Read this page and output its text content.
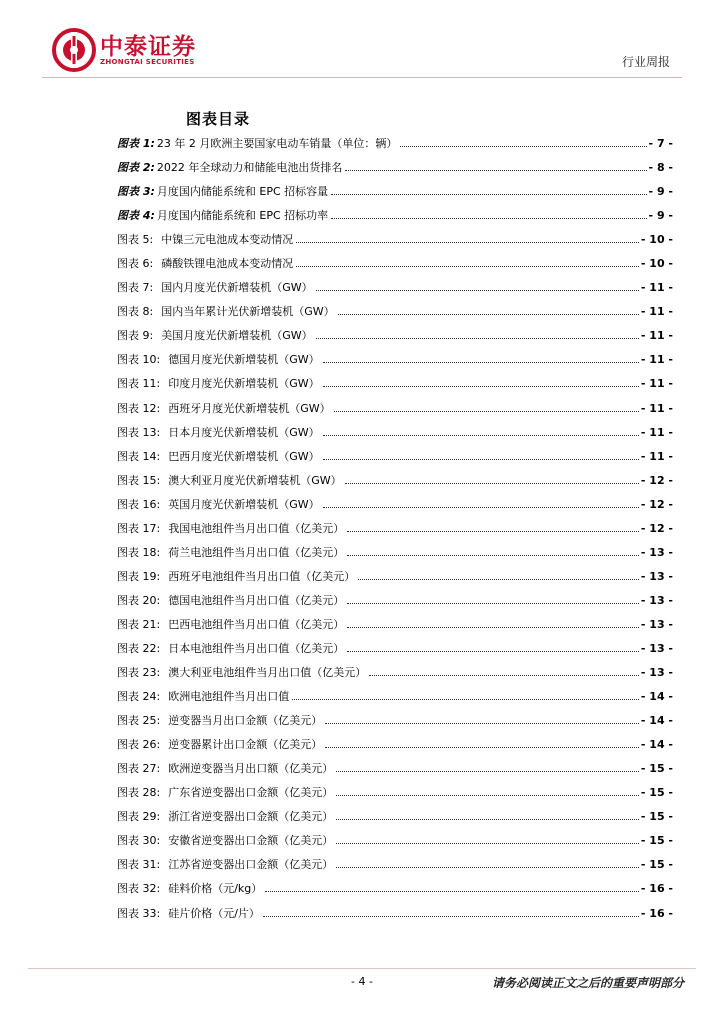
中泰证券
ZHONGTAI SECURITIES	行业周报
图表目录
图表 1: 23 年 2 月欧洲主要国家电动车销量（单位：辆）	- 7 -
图表 2: 2022 年全球动力和储能电池出货排名	- 8 -
图表 3: 月度国内储能系统和 EPC 招标容量	- 9 -
图表 4: 月度国内储能系统和 EPC 招标功率	- 9 -
图表 5: 中镍三元电池成本变动情况	- 10 -
图表 6: 磷酸铁锂电池成本变动情况	- 10 -
图表 7: 国内月度光伏新增装机（GW）	- 11 -
图表 8: 国内当年累计光伏新增装机（GW）	- 11 -
图表 9: 美国月度光伏新增装机（GW）	- 11 -
图表 10: 德国月度光伏新增装机（GW）	- 11 -
图表 11: 印度月度光伏新增装机（GW）	- 11 -
图表 12: 西班牙月度光伏新增装机（GW）	- 11 -
图表 13: 日本月度光伏新增装机（GW）	- 11 -
图表 14: 巴西月度光伏新增装机（GW）	- 11 -
图表 15: 澳大利亚月度光伏新增装机（GW）	- 12 -
图表 16: 英国月度光伏新增装机（GW）	- 12 -
图表 17: 我国电池组件当月出口值（亿美元）	- 12 -
图表 18: 荷兰电池组件当月出口值（亿美元）	- 13 -
图表 19: 西班牙电池组件当月出口值（亿美元）	- 13 -
图表 20: 德国电池组件当月出口值（亿美元）	- 13 -
图表 21: 巴西电池组件当月出口值（亿美元）	- 13 -
图表 22: 日本电池组件当月出口值（亿美元）	- 13 -
图表 23: 澳大利亚电池组件当月出口值（亿美元）	- 13 -
图表 24: 欧洲电池组件当月出口值	- 14 -
图表 25: 逆变器当月出口金额（亿美元）	- 14 -
图表 26: 逆变器累计出口金额（亿美元）	- 14 -
图表 27: 欧洲逆变器当月出口额（亿美元）	- 15 -
图表 28: 广东省逆变器出口金额（亿美元）	- 15 -
图表 29: 浙江省逆变器出口金额（亿美元）	- 15 -
图表 30: 安徽省逆变器出口金额（亿美元）	- 15 -
图表 31: 江苏省逆变器出口金额（亿美元）	- 15 -
图表 32: 硅料价格（元/kg）	- 16 -
图表 33: 硅片价格（元/片）	- 16 -
- 4 -	请务必阅读正文之后的重要声明部分
